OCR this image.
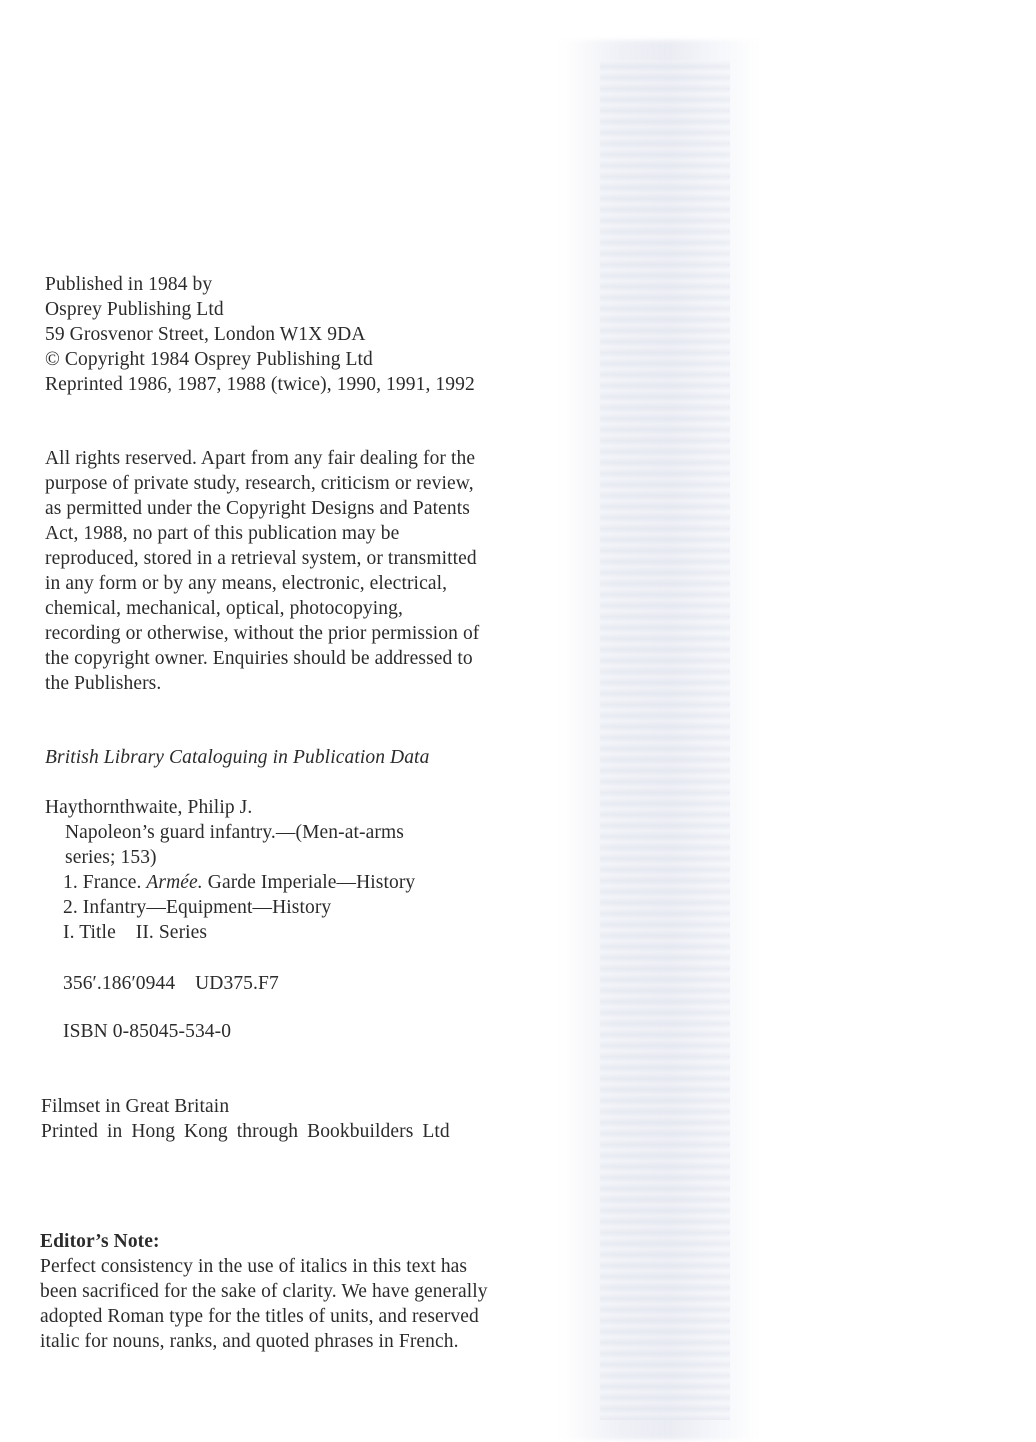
Published in 1984 by
Osprey Publishing Ltd
59 Grosvenor Street, London W1X 9DA
© Copyright 1984 Osprey Publishing Ltd
Reprinted 1986, 1987, 1988 (twice), 1990, 1991, 1992
All rights reserved. Apart from any fair dealing for the
purpose of private study, research, criticism or review,
as permitted under the Copyright Designs and Patents
Act, 1988, no part of this publication may be
reproduced, stored in a retrieval system, or transmitted
in any form or by any means, electronic, electrical,
chemical, mechanical, optical, photocopying,
recording or otherwise, without the prior permission of
the copyright owner. Enquiries should be addressed to
the Publishers.
British Library Cataloguing in Publication Data
Haythornthwaite, Philip J.
Napoleon’s guard infantry.—(Men-at-arms
series; 153)
1. France. Armée. Garde Imperiale—History
2. Infantry—Equipment—History
I. Title    II. Series
356′.186′0944    UD375.F7
ISBN 0-85045-534-0
Filmset in Great Britain
Printed in Hong Kong through Bookbuilders Ltd
Editor’s Note:
Perfect consistency in the use of italics in this text has
been sacrificed for the sake of clarity. We have generally
adopted Roman type for the titles of units, and reserved
italic for nouns, ranks, and quoted phrases in French.
